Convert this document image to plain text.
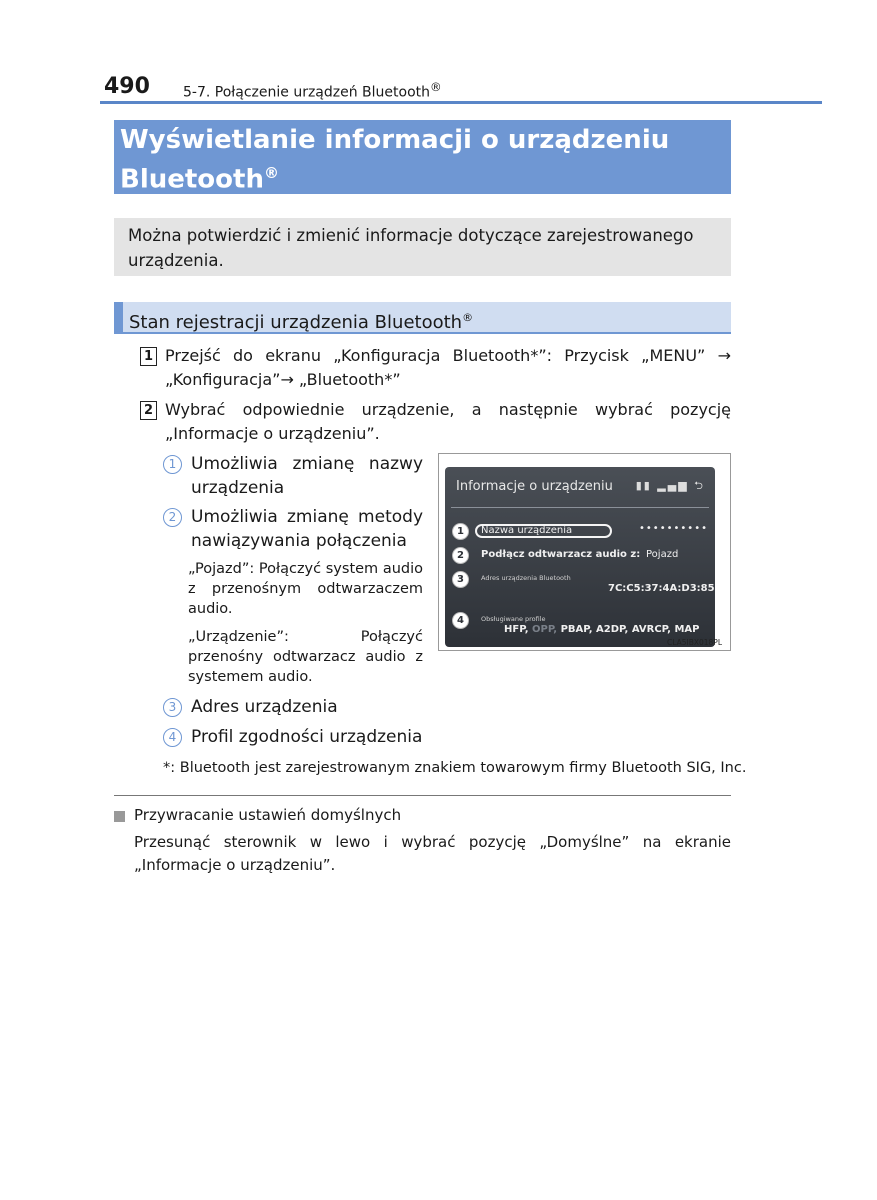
490 5-7. Połączenie urządzeń Bluetooth®
Wyświetlanie informacji o urządzeniu
Bluetooth®
Można potwierdzić i zmienić informacje dotyczące zarejestrowanego urządzenia.
Stan rejestracji urządzenia Bluetooth®
1 Przejść do ekranu „Konfiguracja Bluetooth*”: Przycisk „MENU” → „Konfiguracja”→ „Bluetooth*”
2 Wybrać odpowiednie urządzenie, a następnie wybrać pozycję „Informacje o urządzeniu”.
1 Umożliwia zmianę nazwy urządzenia
2 Umożliwia zmianę metody nawiązywania połączenia
„Pojazd”: Połączyć system audio z przenośnym odtwarzaczem audio.
„Urządzenie”: Połączyć przenośny odtwarzacz audio z systemem audio.
3 Adres urządzenia
4 Profil zgodności urządzenia
Informacje o urządzeniu ▮▮ ▂▄▆ ⮌
1	Nazwa urządzenia	••••••••••
2	Podłącz odtwarzacz audio z: Pojazd
3	Adres urządzenia Bluetooth
7C:C5:37:4A:D3:85
4	Obsługiwane profile
HFP, OPP, PBAP, A2DP, AVRCP, MAP
CLA5IBX018PL
*: Bluetooth jest zarejestrowanym znakiem towarowym firmy Bluetooth SIG, Inc.
Przywracanie ustawień domyślnych
Przesunąć sterownik w lewo i wybrać pozycję „Domyślne” na ekranie „Informacje o urządzeniu”.
